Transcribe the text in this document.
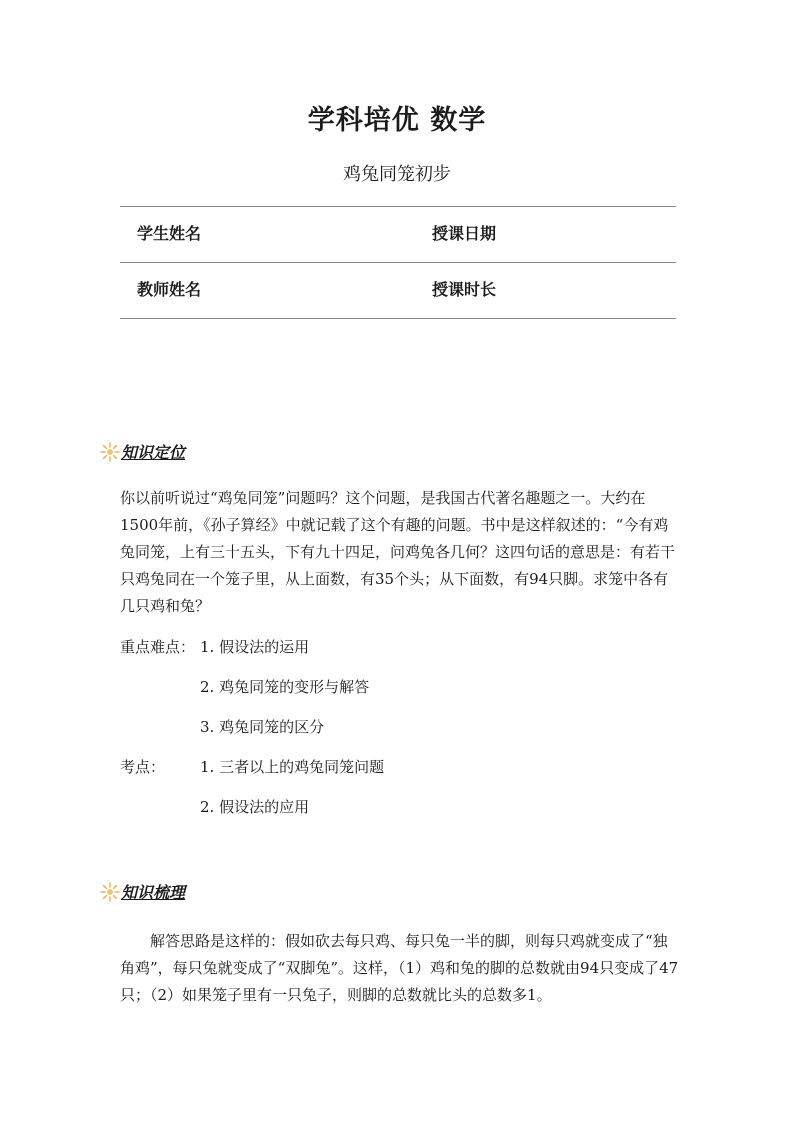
学科培优 数学
鸡兔同笼初步
学生姓名	授课日期
教师姓名	授课时长
知识定位

你以前听说过“鸡兔同笼”问题吗？这个问题，是我国古代著名趣题之一。大约在1500年前，《孙子算经》中就记载了这个有趣的问题。书中是这样叙述的：“今有鸡兔同笼，上有三十五头，下有九十四足，问鸡兔各几何？这四句话的意思是：有若干只鸡兔同在一个笼子里，从上面数，有35个头；从下面数，有94只脚。求笼中各有几只鸡和兔？

重点难点： 1. 假设法的运用
2. 鸡兔同笼的变形与解答
3. 鸡兔同笼的区分
考点： 1. 三者以上的鸡兔同笼问题
2. 假设法的应用
知识梳理

解答思路是这样的：假如砍去每只鸡、每只兔一半的脚，则每只鸡就变成了“独角鸡”，每只兔就变成了“双脚兔”。这样，（1）鸡和兔的脚的总数就由94只变成了47只；（2）如果笼子里有一只兔子，则脚的总数就比头的总数多1。
